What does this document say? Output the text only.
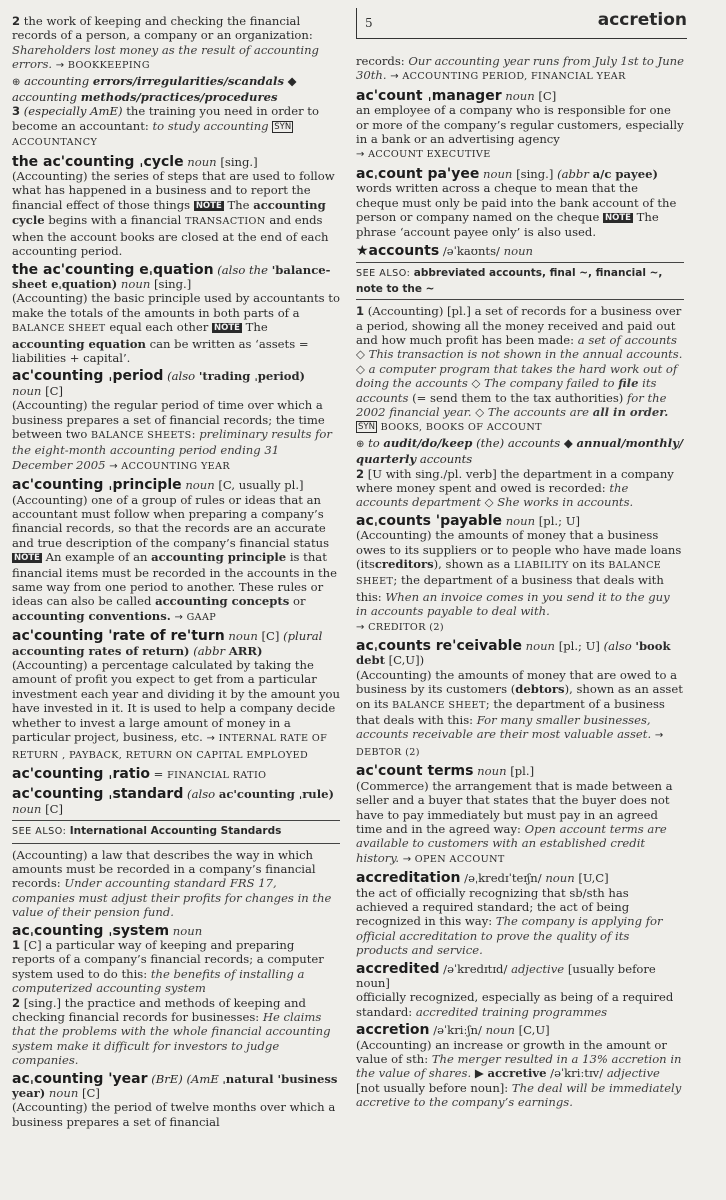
5	accretion
2 the work of keeping and checking the financial records of a person, a company or an organization: Shareholders lost money as the result of accounting errors. → BOOKKEEPING
⊕ accounting errors/irregularities/scandals ◆ accounting methods/practices/procedures
3 (especially AmE) the training you need in order to become an accountant: to study accounting SYN ACCOUNTANCY
the ac'counting ˌcycle noun [sing.]
(Accounting) the series of steps that are used to follow what has happened in a business and to report the financial effect of those things NOTE The accounting cycle begins with a financial TRANSACTION and ends when the account books are closed at the end of each accounting period.
the ac'counting eˌquation (also the 'balance-sheet eˌquation) noun [sing.]
(Accounting) the basic principle used by accountants to make the totals of the amounts in both parts of a BALANCE SHEET equal each other NOTE The accounting equation can be written as ‘assets = liabilities + capital’.
ac'counting ˌperiod (also 'trading ˌperiod)
noun [C]
(Accounting) the regular period of time over which a business prepares a set of financial records; the time between two BALANCE SHEETS: preliminary results for the eight-month accounting period ending 31 December 2005 → ACCOUNTING YEAR
ac'counting ˌprinciple noun [C, usually pl.]
(Accounting) one of a group of rules or ideas that an accountant must follow when preparing a company’s financial records, so that the records are an accurate and true description of the company’s financial status NOTE An example of an accounting principle is that financial items must be recorded in the accounts in the same way from one period to another. These rules or ideas can also be called accounting concepts or accounting conventions. → GAAP
ac'counting 'rate of re'turn noun [C] (plural accounting rates of return) (abbr ARR)
(Accounting) a percentage calculated by taking the amount of profit you expect to get from a particular investment each year and dividing it by the amount you have invested in it. It is used to help a company decide whether to invest a large amount of money in a particular project, business, etc. → INTERNAL RATE OF RETURN , PAYBACK, RETURN ON CAPITAL EMPLOYED
ac'counting ˌratio = FINANCIAL RATIO
ac'counting ˌstandard (also ac'counting ˌrule)
noun [C]
SEE ALSO: International Accounting Standards
(Accounting) a law that describes the way in which amounts must be recorded in a company’s financial records: Under accounting standard FRS 17, companies must adjust their profits for changes in the value of their pension fund.
acˌcounting ˌsystem noun
1 [C] a particular way of keeping and preparing reports of a company’s financial records; a computer system used to do this: the benefits of installing a computerized accounting system
2 [sing.] the practice and methods of keeping and checking financial records for businesses: He claims that the problems with the whole financial accounting system make it difficult for investors to judge companies.
acˌcounting 'year (BrE) (AmE ˌnatural 'business year) noun [C]
(Accounting) the period of twelve months over which a business prepares a set of financial
records: Our accounting year runs from July 1st to June 30th. → ACCOUNTING PERIOD, FINANCIAL YEAR
ac'count ˌmanager noun [C]
an employee of a company who is responsible for one or more of the company’s regular customers, especially in a bank or an advertising agency
→ ACCOUNT EXECUTIVE
acˌcount pa'yee noun [sing.] (abbr a/c payee)
words written across a cheque to mean that the cheque must only be paid into the bank account of the person or company named on the cheque NOTE The phrase ‘account payee only’ is also used.
★accounts /əˈkaʊnts/ noun
SEE ALSO: abbreviated accounts, final ~, financial ~, note to the ~
1 (Accounting) [pl.] a set of records for a business over a period, showing all the money received and paid out and how much profit has been made: a set of accounts ◇ This transaction is not shown in the annual accounts. ◇ a computer program that takes the hard work out of doing the accounts ◇ The company failed to file its accounts (= send them to the tax authorities) for the 2002 financial year. ◇ The accounts are all in order. SYN BOOKS, BOOKS OF ACCOUNT
⊕ to audit/do/keep (the) accounts ◆ annual/monthly/ quarterly accounts
2 [U with sing./pl. verb] the department in a company where money spent and owed is recorded: the accounts department ◇ She works in accounts.
acˌcounts 'payable noun [pl.; U]
(Accounting) the amounts of money that a business owes to its suppliers or to people who have made loans (itscreditors), shown as a LIABILITY on its BALANCE SHEET; the department of a business that deals with this: When an invoice comes in you send it to the guy in accounts payable to deal with.
→ CREDITOR (2)
acˌcounts re'ceivable noun [pl.; U] (also 'book debt [C,U])
(Accounting) the amounts of money that are owed to a business by its customers (debtors), shown as an asset on its BALANCE SHEET; the department of a business that deals with this: For many smaller businesses, accounts receivable are their most valuable asset. → DEBTOR (2)
ac'count terms noun [pl.]
(Commerce) the arrangement that is made between a seller and a buyer that states that the buyer does not have to pay immediately but must pay in an agreed time and in the agreed way: Open account terms are available to customers with an established credit history. → OPEN ACCOUNT
accreditation /əˌkredɪˈteɪʃn/ noun [U,C]
the act of officially recognizing that sb/sth has achieved a required standard; the act of being recognized in this way: The company is applying for official accreditation to prove the quality of its products and service.
accredited /əˈkredɪtɪd/ adjective [usually before noun]
officially recognized, especially as being of a required standard: accredited training programmes
accretion /əˈkriːʃn/ noun [C,U]
(Accounting) an increase or growth in the amount or value of sth: The merger resulted in a 13% accretion in the value of shares. ▶ accretive /əˈkriːtɪv/ adjective [not usually before noun]: The deal will be immediately accretive to the company’s earnings.
